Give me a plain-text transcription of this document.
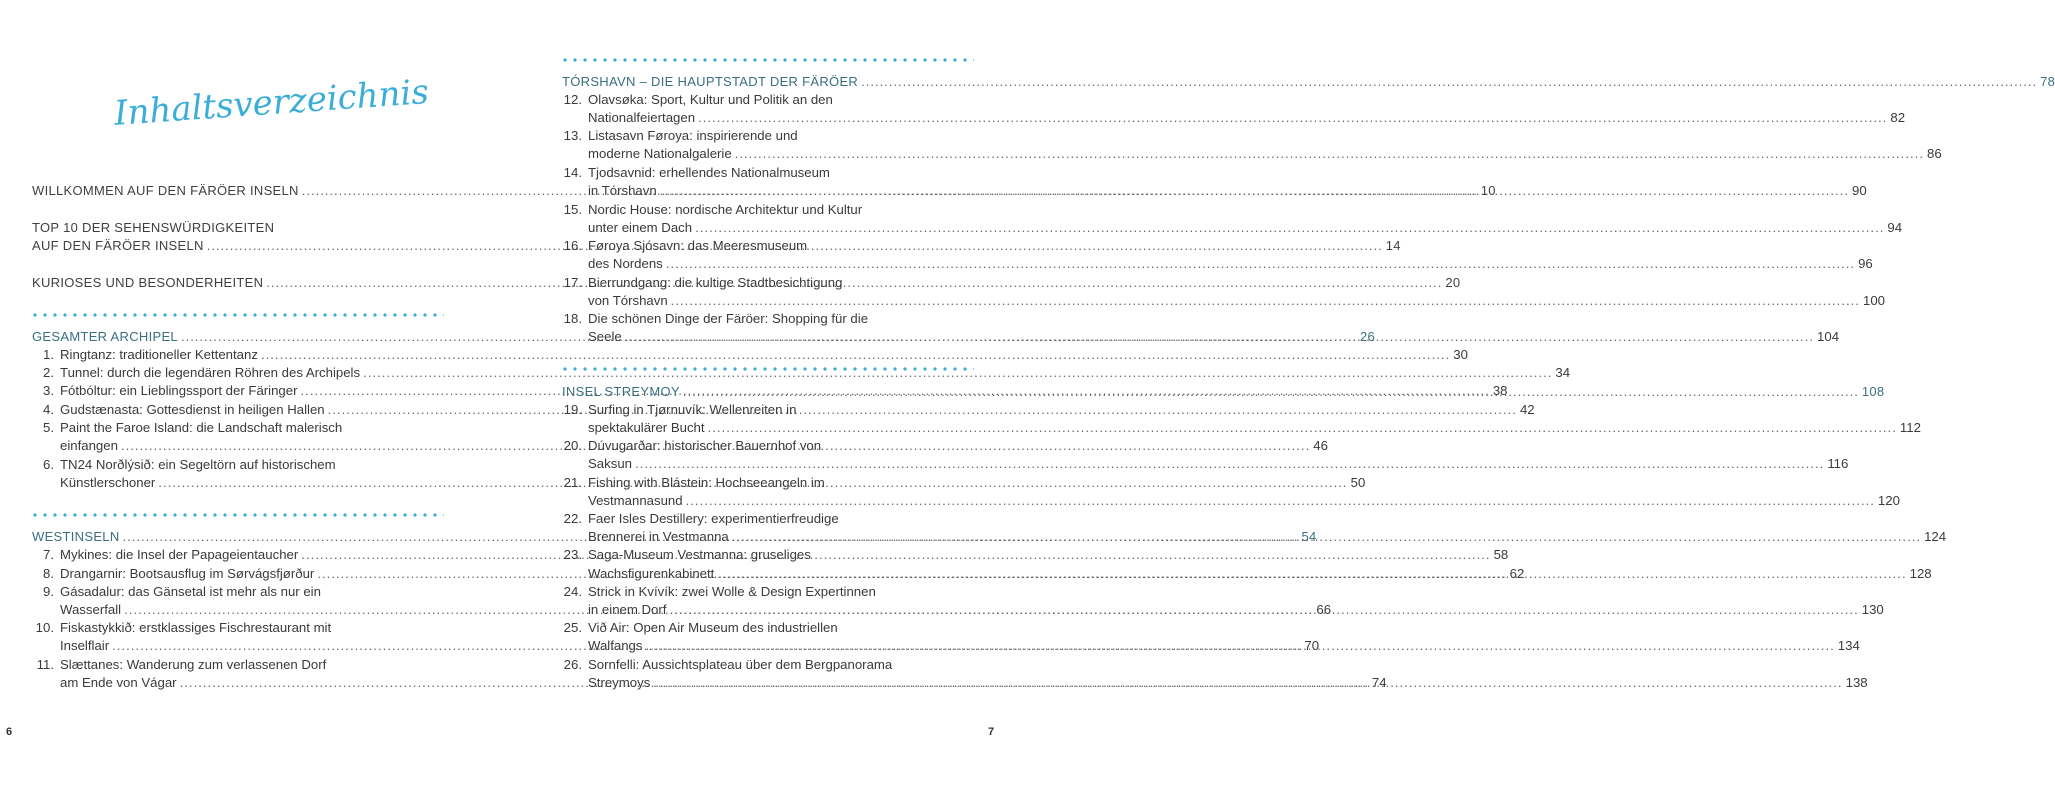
Inhaltsverzeichnis
WILLKOMMEN AUF DEN FÄRÖER INSELN .....	10
TOP 10 DER SEHENSWÜRDIGKEITEN
AUF DEN FÄRÖER INSELN .....	14
KURIOSES UND BESONDERHEITEN .....	20
GESAMTER ARCHIPEL .....	26
1. Ringtanz: traditioneller Kettentanz .....	30
2. Tunnel: durch die legendären Röhren des Archipels .....	34
3. Fótbóltur: ein Lieblingssport der Färinger .....	38
4. Gudstænasta: Gottesdienst in heiligen Hallen .....	42
5. Paint the Faroe Island: die Landschaft malerisch
einfangen .....	46
6. TN24 Norðlýsið: ein Segeltörn auf historischem
Künstlerschoner .....	50
WESTINSELN .....	54
7. Mykines: die Insel der Papageientaucher .....	58
8. Drangarnir: Bootsausflug im Sørvágsfjørður .....	62
9. Gásadalur: das Gänsetal ist mehr als nur ein
Wasserfall .....	66
10. Fiskastykkið: erstklassiges Fischrestaurant mit
Inselflair .....	70
11. Slættanes: Wanderung zum verlassenen Dorf
am Ende von Vágar .....	74
6
TÓRSHAVN – DIE HAUPTSTADT DER FÄRÖER .....	78
12. Olavsøka: Sport, Kultur und Politik an den
Nationalfeiertagen .....	82
13. Listasavn Føroya: inspirierende und
moderne Nationalgalerie .....	86
14. Tjodsavnid: erhellendes Nationalmuseum
in Tórshavn .....	90
15. Nordic House: nordische Architektur und Kultur
unter einem Dach .....	94
16. Føroya Sjósavn: das Meeresmuseum
des Nordens .....	96
17. Bierrundgang: die kultige Stadtbesichtigung
von Tórshavn .....	100
18. Die schönen Dinge der Färöer: Shopping für die
Seele .....	104
INSEL STREYMOY .....	108
19. Surfing in Tjørnuvík: Wellenreiten in
spektakulärer Bucht .....	112
20. Dúvugarðar: historischer Bauernhof von
Saksun .....	116
21. Fishing with Blástein: Hochseeangeln im
Vestmannasund .....	120
22. Faer Isles Destillery: experimentierfreudige
Brennerei in Vestmanna .....	124
23. Saga-Museum Vestmanna: gruseliges
Wachsfigurenkabinett .....	128
24. Strick in Kvívík: zwei Wolle & Design Expertinnen
in einem Dorf .....	130
25. Við Air: Open Air Museum des industriellen
Walfangs .....	134
26. Sornfelli: Aussichtsplateau über dem Bergpanorama
Streymoys .....	138
7
